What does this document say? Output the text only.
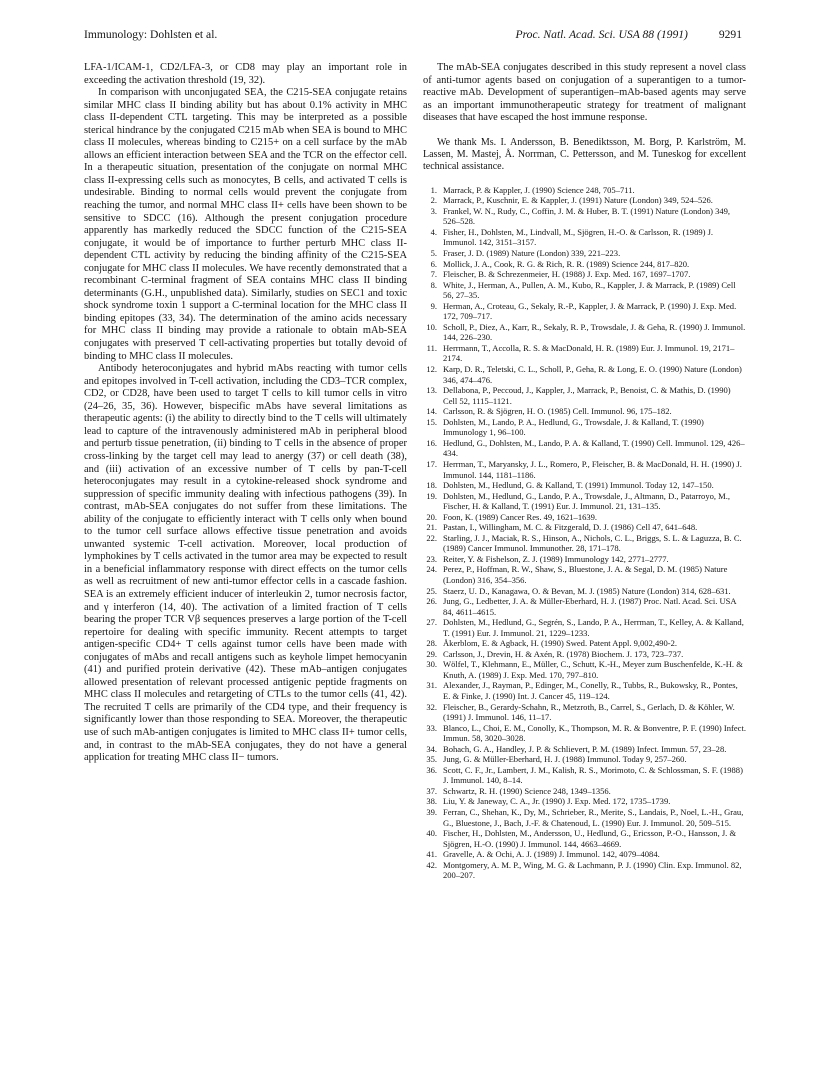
Immunology: Dohlsten et al.	Proc. Natl. Acad. Sci. USA 88 (1991)	9291

LFA-1/ICAM-1, CD2/LFA-3, or CD8 may play an important role in exceeding the activation threshold (19, 32).

In comparison with unconjugated SEA, the C215-SEA conjugate retains similar MHC class II binding ability but has about 0.1% activity in MHC class II-dependent CTL targeting. This may be interpreted as a possible sterical hindrance by the conjugated C215 mAb when SEA is bound to MHC class II molecules, whereas binding to C215+ on a cell surface by the mAb allows an efficient interaction between SEA and the TCR on the effector cell. In a therapeutic situation, presentation of the conjugate on normal MHC class II-expressing cells such as monocytes, B cells, and activated T cells is undesirable. Binding to normal cells would prevent the conjugate from reaching the tumor, and normal MHC class II+ cells have been shown to be sensitive to SDCC (16). Although the present conjugation procedure apparently has markedly reduced the SDCC function of the C215-SEA conjugate, it would be of importance to further perturb MHC class II-dependent CTL activity by reducing the binding affinity of the C215-SEA conjugate for MHC class II molecules. We have recently demonstrated that a recombinant C-terminal fragment of SEA contains MHC class II binding determinants (G.H., unpublished data). Similarly, studies on SEC1 and toxic shock syndrome toxin 1 support a C-terminal location for the MHC class II binding epitopes (33, 34). The determination of the amino acids necessary for MHC class II binding may provide a rationale to obtain mAb-SEA conjugates with preserved T cell-activating properties but totally devoid of binding to MHC class II molecules.

Antibody heteroconjugates and hybrid mAbs reacting with tumor cells and epitopes involved in T-cell activation, including the CD3–TCR complex, CD2, or CD28, have been used to target T cells to kill tumor cells in vitro (24–26, 35, 36). However, bispecific mAbs have several limitations as therapeutic agents: (i) the ability to directly bind to the T cells will ultimately lead to capture of the intravenously administered mAb in peripheral blood and perturb tissue penetration, (ii) binding to T cells in the absence of proper cross-linking by the target cell may lead to anergy (37) or cell death (38), and (iii) activation of an excessive number of T cells by pan-T-cell heteroconjugates may result in a cytokine-released shock syndrome and suppression of specific immunity dealing with infectious pathogens (39). In contrast, mAb-SEA conjugates do not suffer from these limitations. The ability of the conjugate to efficiently interact with T cells only when bound to the tumor cell surface allows effective tissue penetration and avoids unwanted systemic T-cell activation. Moreover, local production of lymphokines by T cells activated in the tumor area may be expected to result in a beneficial inflammatory response with direct effects on the tumor cells as well as recruitment of new anti-tumor effector cells in a cascade fashion. SEA is an extremely efficient inducer of interleukin 2, tumor necrosis factor, and γ interferon (14, 40). The activation of a limited fraction of T cells bearing the proper TCR Vβ sequences preserves a large portion of the T-cell repertoire for dealing with specific immunity. Recent attempts to target antigen-specific CD4+ T cells against tumor cells have been made with conjugates of mAbs and recall antigens such as keyhole limpet hemocyanin (41) and purified protein derivative (42). These mAb–antigen conjugates allowed presentation of relevant processed antigenic peptide fragments on MHC class II molecules and retargeting of CTLs to the tumor cells (41, 42). The recruited T cells are primarily of the CD4 type, and their frequency is significantly lower than those responding to SEA. Moreover, the therapeutic use of such mAb-antigen conjugates is limited to MHC class II+ tumor cells, and, in contrast to the mAb-SEA conjugates, they do not have a general application for treating MHC class II− tumors.

The mAb-SEA conjugates described in this study represent a novel class of anti-tumor agents based on conjugation of a superantigen to a tumor-reactive mAb. Development of superantigen–mAb-based agents may serve as an important immunotherapeutic strategy for treatment of malignant diseases that have escaped the host immune response.

We thank Ms. I. Andersson, B. Benediktsson, M. Borg, P. Karlström, M. Lassen, M. Mastej, Å. Norrman, C. Pettersson, and M. Tuneskog for excellent technical assistance.

1. Marrack, P. & Kappler, J. (1990) Science 248, 705–711.
2. Marrack, P., Kuschnir, E. & Kappler, J. (1991) Nature (London) 349, 524–526.
3. Frankel, W. N., Rudy, C., Coffin, J. M. & Huber, B. T. (1991) Nature (London) 349, 526–528.
4. Fisher, H., Dohlsten, M., Lindvall, M., Sjögren, H.-O. & Carlsson, R. (1989) J. Immunol. 142, 3151–3157.
5. Fraser, J. D. (1989) Nature (London) 339, 221–223.
6. Mollick, J. A., Cook, R. G. & Rich, R. R. (1989) Science 244, 817–820.
7. Fleischer, B. & Schrezenmeier, H. (1988) J. Exp. Med. 167, 1697–1707.
8. White, J., Herman, A., Pullen, A. M., Kubo, R., Kappler, J. & Marrack, P. (1989) Cell 56, 27–35.
9. Herman, A., Croteau, G., Sekaly, R.-P., Kappler, J. & Marrack, P. (1990) J. Exp. Med. 172, 709–717.
10. Scholl, P., Diez, A., Karr, R., Sekaly, R. P., Trowsdale, J. & Geha, R. (1990) J. Immunol. 144, 226–230.
11. Herrmann, T., Accolla, R. S. & MacDonald, H. R. (1989) Eur. J. Immunol. 19, 2171–2174.
12. Karp, D. R., Teletski, C. L., Scholl, P., Geha, R. & Long, E. O. (1990) Nature (London) 346, 474–476.
13. Dellabona, P., Peccoud, J., Kappler, J., Marrack, P., Benoist, C. & Mathis, D. (1990) Cell 52, 1115–1121.
14. Carlsson, R. & Sjögren, H. O. (1985) Cell. Immunol. 96, 175–182.
15. Dohlsten, M., Lando, P. A., Hedlund, G., Trowsdale, J. & Kalland, T. (1990) Immunology 1, 96–100.
16. Hedlund, G., Dohlsten, M., Lando, P. A. & Kalland, T. (1990) Cell. Immunol. 129, 426–434.
17. Herrman, T., Maryansky, J. L., Romero, P., Fleischer, B. & MacDonald, H. H. (1990) J. Immunol. 144, 1181–1186.
18. Dohlsten, M., Hedlund, G. & Kalland, T. (1991) Immunol. Today 12, 147–150.
19. Dohlsten, M., Hedlund, G., Lando, P. A., Trowsdale, J., Altmann, D., Patarroyo, M., Fischer, H. & Kalland, T. (1991) Eur. J. Immunol. 21, 131–135.
20. Foon, K. (1989) Cancer Res. 49, 1621–1639.
21. Pastan, I., Willingham, M. C. & Fitzgerald, D. J. (1986) Cell 47, 641–648.
22. Starling, J. J., Maciak, R. S., Hinson, A., Nichols, C. L., Briggs, S. L. & Laguzza, B. C. (1989) Cancer Immunol. Immunother. 28, 171–178.
23. Reiter, Y. & Fishelson, Z. J. (1989) Immunology 142, 2771–2777.
24. Perez, P., Hoffman, R. W., Shaw, S., Bluestone, J. A. & Segal, D. M. (1985) Nature (London) 316, 354–356.
25. Staerz, U. D., Kanagawa, O. & Bevan, M. J. (1985) Nature (London) 314, 628–631.
26. Jung, G., Ledbetter, J. A. & Müller-Eberhard, H. J. (1987) Proc. Natl. Acad. Sci. USA 84, 4611–4615.
27. Dohlsten, M., Hedlund, G., Segrén, S., Lando, P. A., Herrman, T., Kelley, A. & Kalland, T. (1991) Eur. J. Immunol. 21, 1229–1233.
28. Åkerblom, E. & Agback, H. (1990) Swed. Patent Appl. 9,002,490-2.
29. Carlsson, J., Drevin, H. & Axén, R. (1978) Biochem. J. 173, 723–737.
30. Wölfel, T., Klehmann, E., Müller, C., Schutt, K.-H., Meyer zum Buschenfelde, K.-H. & Knuth, A. (1989) J. Exp. Med. 170, 797–810.
31. Alexander, J., Rayman, P., Edinger, M., Conelly, R., Tubbs, R., Bukowsky, R., Pontes, E. & Finke, J. (1990) Int. J. Cancer 45, 119–124.
32. Fleischer, B., Gerardy-Schahn, R., Metzroth, B., Carrel, S., Gerlach, D. & Köhler, W. (1991) J. Immunol. 146, 11–17.
33. Blanco, L., Choi, E. M., Conolly, K., Thompson, M. R. & Bonventre, P. F. (1990) Infect. Immun. 58, 3020–3028.
34. Bohach, G. A., Handley, J. P. & Schlievert, P. M. (1989) Infect. Immun. 57, 23–28.
35. Jung, G. & Müller-Eberhard, H. J. (1988) Immunol. Today 9, 257–260.
36. Scott, C. F., Jr., Lambert, J. M., Kalish, R. S., Morimoto, C. & Schlossman, S. F. (1988) J. Immunol. 140, 8–14.
37. Schwartz, R. H. (1990) Science 248, 1349–1356.
38. Liu, Y. & Janeway, C. A., Jr. (1990) J. Exp. Med. 172, 1735–1739.
39. Ferran, C., Shehan, K., Dy, M., Schrieber, R., Merite, S., Landais, P., Noel, L.-H., Grau, G., Bluestone, J., Bach, J.-F. & Chatenoud, L. (1990) Eur. J. Immunol. 20, 509–515.
40. Fischer, H., Dohlsten, M., Andersson, U., Hedlund, G., Ericsson, P.-O., Hansson, J. & Sjögren, H.-O. (1990) J. Immunol. 144, 4663–4669.
41. Gravelle, A. & Ochi, A. J. (1989) J. Immunol. 142, 4079–4084.
42. Montgomery, A. M. P., Wing, M. G. & Lachmann, P. J. (1990) Clin. Exp. Immunol. 82, 200–207.
